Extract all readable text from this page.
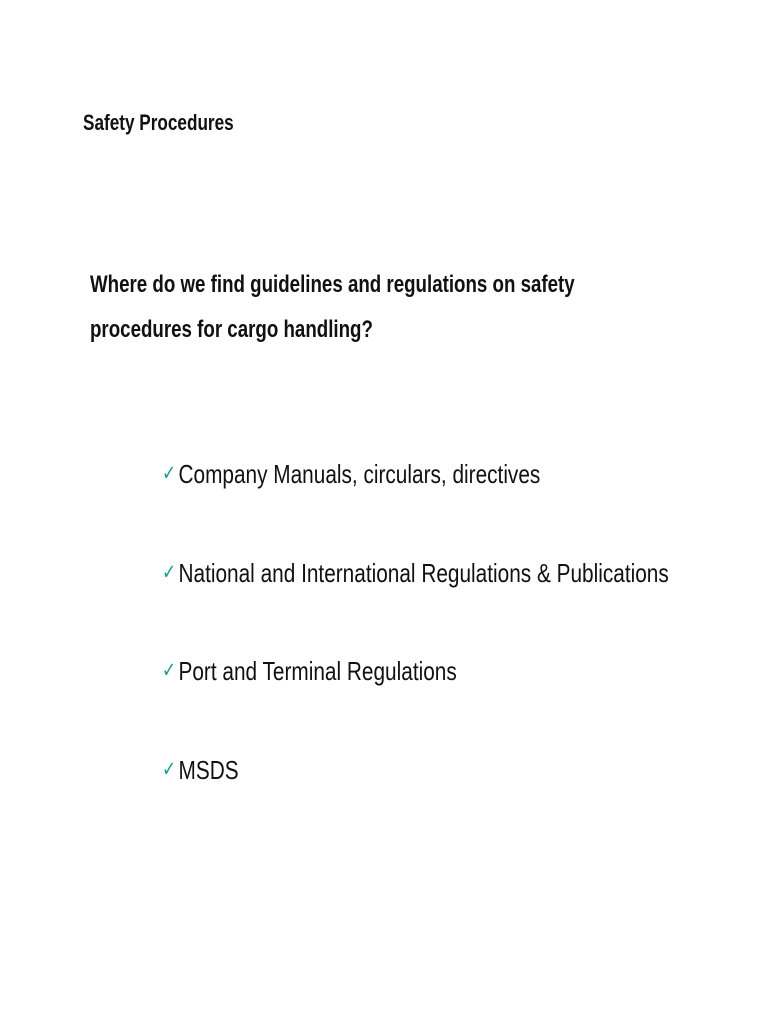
Safety Procedures
Where do we find guidelines and regulations on safety
procedures for cargo handling?
✓ Company Manuals, circulars, directives
✓ National and International Regulations & Publications
✓ Port and Terminal Regulations
✓ MSDS
